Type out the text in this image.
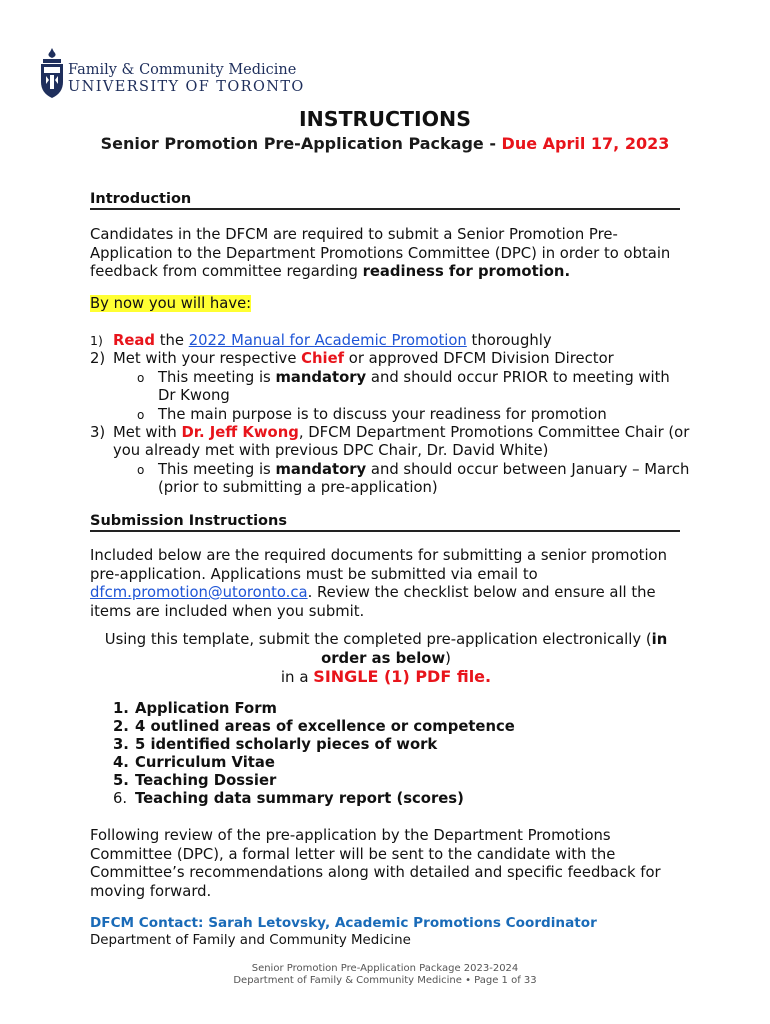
Family & Community Medicine
UNIVERSITY OF TORONTO
INSTRUCTIONS
Senior Promotion Pre-Application Package - Due April 17, 2023
Introduction
Candidates in the DFCM are required to submit a Senior Promotion Pre-Application to the Department Promotions Committee (DPC) in order to obtain feedback from committee regarding readiness for promotion.
By now you will have:
1) Read the 2022 Manual for Academic Promotion thoroughly
2) Met with your respective Chief or approved DFCM Division Director
o This meeting is mandatory and should occur PRIOR to meeting with Dr Kwong
o The main purpose is to discuss your readiness for promotion
3) Met with Dr. Jeff Kwong, DFCM Department Promotions Committee Chair (or you already met with previous DPC Chair, Dr. David White)
o This meeting is mandatory and should occur between January – March (prior to submitting a pre-application)
Submission Instructions
Included below are the required documents for submitting a senior promotion pre-application. Applications must be submitted via email to dfcm.promotion@utoronto.ca. Review the checklist below and ensure all the items are included when you submit.
Using this template, submit the completed pre-application electronically (in order as below)
in a SINGLE (1) PDF file.
1. Application Form
2. 4 outlined areas of excellence or competence
3. 5 identified scholarly pieces of work
4. Curriculum Vitae
5. Teaching Dossier
6. Teaching data summary report (scores)
Following review of the pre-application by the Department Promotions Committee (DPC), a formal letter will be sent to the candidate with the Committee’s recommendations along with detailed and specific feedback for moving forward.
DFCM Contact: Sarah Letovsky, Academic Promotions Coordinator
Department of Family and Community Medicine
Senior Promotion Pre-Application Package 2023-2024
Department of Family & Community Medicine • Page 1 of 33
